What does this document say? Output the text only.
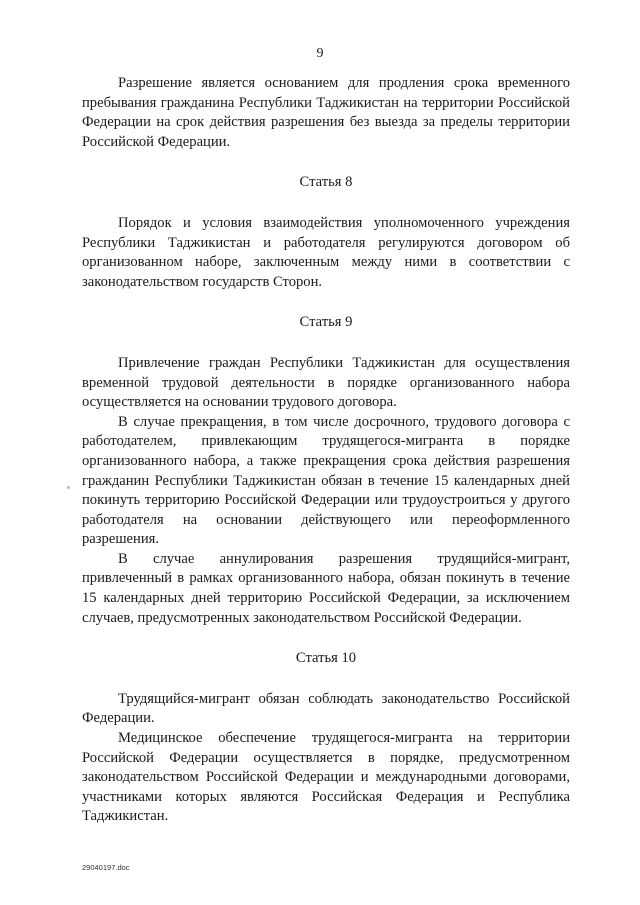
9

Разрешение является основанием для продления срока временного пребывания гражданина Республики Таджикистан на территории Российской Федерации на срок действия разрешения без выезда за пределы территории Российской Федерации.

Статья 8

Порядок и условия взаимодействия уполномоченного учреждения Республики Таджикистан и работодателя регулируются договором об организованном наборе, заключенным между ними в соответствии с законодательством государств Сторон.

Статья 9

Привлечение граждан Республики Таджикистан для осуществления временной трудовой деятельности в порядке организованного набора осуществляется на основании трудового договора.

В случае прекращения, в том числе досрочного, трудового договора с работодателем, привлекающим трудящегося-мигранта в порядке организованного набора, а также прекращения срока действия разрешения гражданин Республики Таджикистан обязан в течение 15 календарных дней покинуть территорию Российской Федерации или трудоустроиться у другого работодателя на основании действующего или переоформленного разрешения.

В случае аннулирования разрешения трудящийся-мигрант, привлеченный в рамках организованного набора, обязан покинуть в течение 15 календарных дней территорию Российской Федерации, за исключением случаев, предусмотренных законодательством Российской Федерации.

Статья 10

Трудящийся-мигрант обязан соблюдать законодательство Российской Федерации.

Медицинское обеспечение трудящегося-мигранта на территории Российской Федерации осуществляется в порядке, предусмотренном законодательством Российской Федерации и международными договорами, участниками которых являются Российская Федерация и Республика Таджикистан.

29040197.doc
